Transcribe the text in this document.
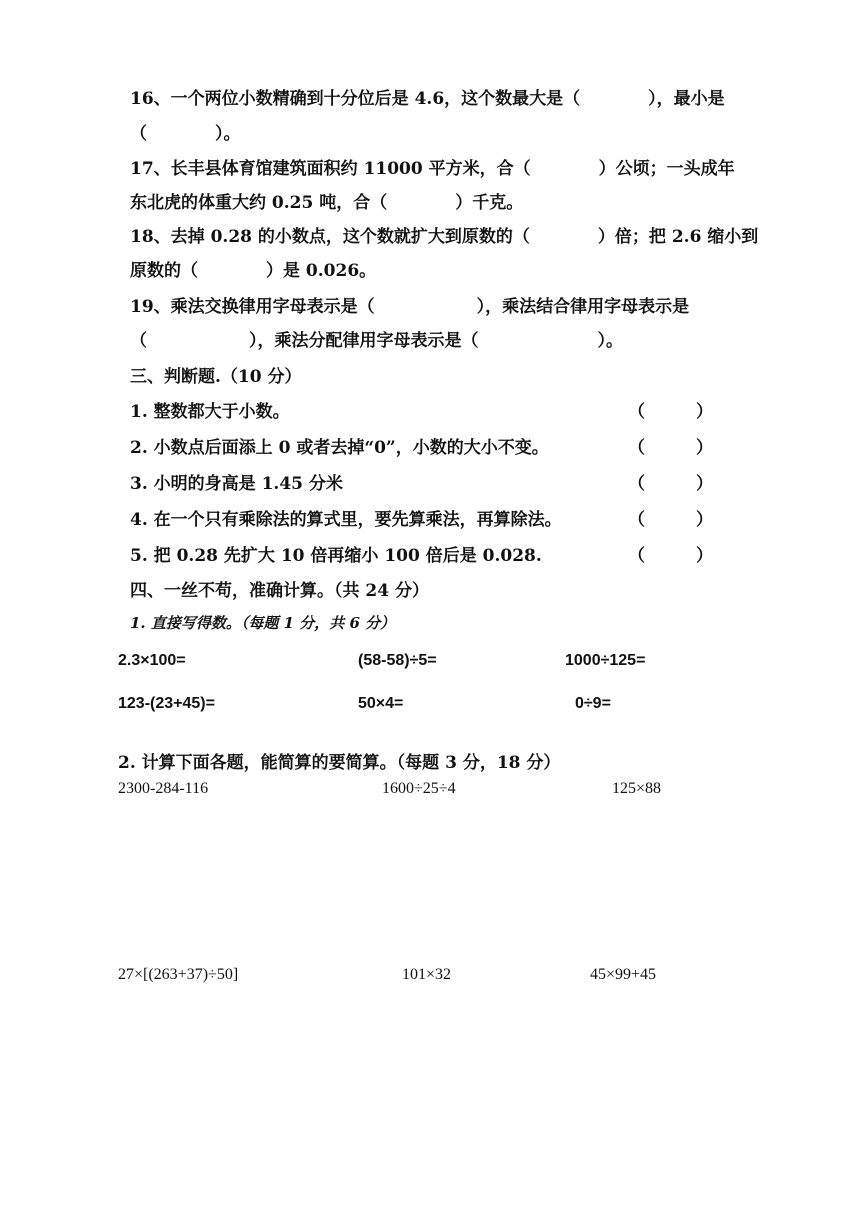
16、一个两位小数精确到十分位后是 4.6，这个数最大是（　　　　），最小是
（　　　　）。
17、长丰县体育馆建筑面积约 11000 平方米，合（　　　　）公顷；一头成年
东北虎的体重大约 0.25 吨，合（　　　　）千克。
18、去掉 0.28 的小数点，这个数就扩大到原数的（　　　　）倍；把 2.6 缩小到
原数的（　　　　）是 0.026。
19、乘法交换律用字母表示是（　　　　　　），乘法结合律用字母表示是
（　　　　　　），乘法分配律用字母表示是（　　　　　　　）。
三、判断题.（10 分）
1. 整数都大于小数。	（　　　）
2. 小数点后面添上 0 或者去掉“0”，小数的大小不变。	（　　　）
3. 小明的身高是 1.45 分米	（　　　）
4. 在一个只有乘除法的算式里，要先算乘法，再算除法。	（　　　）
5. 把 0.28 先扩大 10 倍再缩小 100 倍后是 0.028.	（　　　）
四、一丝不苟，准确计算。（共 24 分）
1. 直接写得数。（每题 1 分，共 6 分）
2.3×100=	(58-58)÷5=	1000÷125=
123-(23+45)=	50×4=	0÷9=
2. 计算下面各题，能简算的要简算。（每题 3 分，18 分）
2300-284-116	1600÷25÷4	125×88
27×[(263+37)÷50]	101×32	45×99+45
